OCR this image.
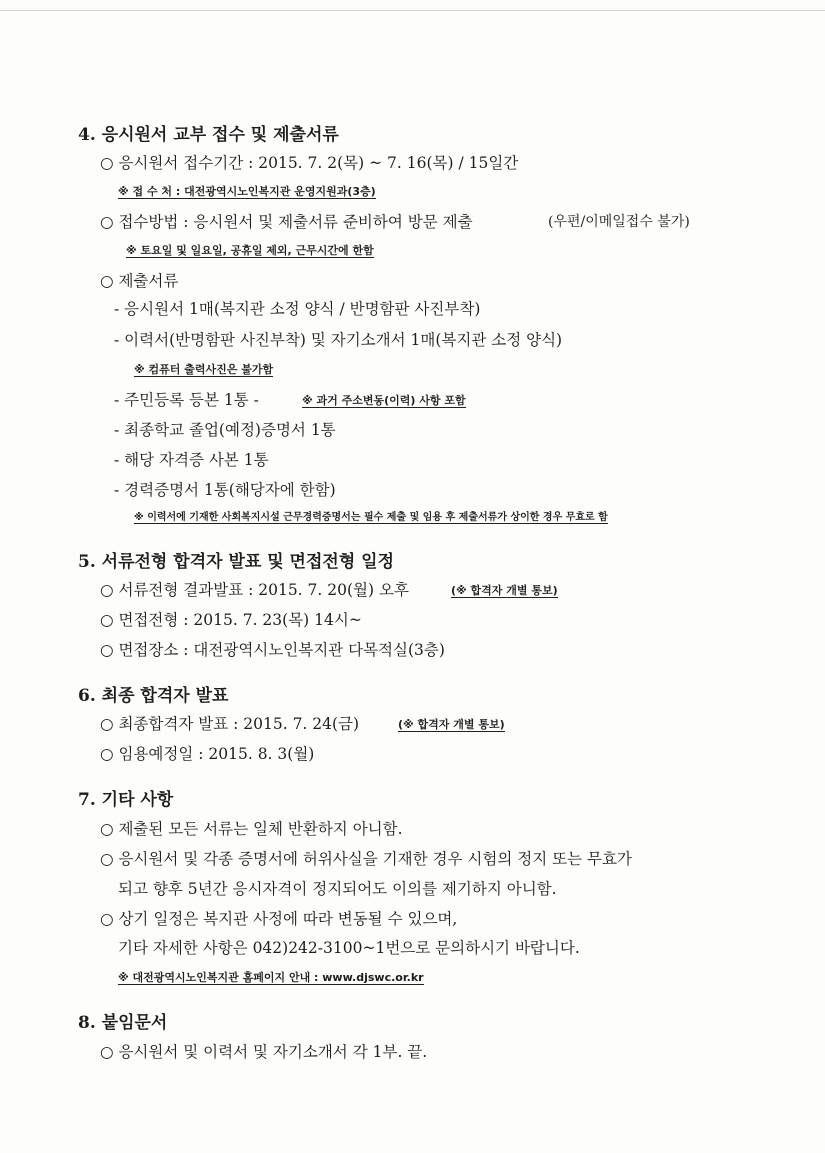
4. 응시원서 교부 접수 및 제출서류
○ 응시원서 접수기간 : 2015. 7. 2(목) ~ 7. 16(목) / 15일간
※ 접 수 처 : 대전광역시노인복지관 운영지원과(3층)
○ 접수방법 : 응시원서 및 제출서류 준비하여 방문 제출	(우편/이메일접수 불가)
※ 토요일 및 일요일, 공휴일 제외, 근무시간에 한함
○ 제출서류
- 응시원서 1매(복지관 소정 양식 / 반명함판 사진부착)
- 이력서(반명함판 사진부착) 및 자기소개서 1매(복지관 소정 양식)
※ 컴퓨터 출력사진은 불가함
- 주민등록 등본 1통 -	※ 과거 주소변동(이력) 사항 포함
- 최종학교 졸업(예정)증명서 1통
- 해당 자격증 사본 1통
- 경력증명서 1통(해당자에 한함)
※ 이력서에 기재한 사회복지시설 근무경력증명서는 필수 제출 및 임용 후 제출서류가 상이한 경우 무효로 함
5. 서류전형 합격자 발표 및 면접전형 일정
○ 서류전형 결과발표 : 2015. 7. 20(월) 오후	(※ 합격자 개별 통보)
○ 면접전형 : 2015. 7. 23(목) 14시~
○ 면접장소 : 대전광역시노인복지관 다목적실(3층)
6. 최종 합격자 발표
○ 최종합격자 발표 : 2015. 7. 24(금)	(※ 합격자 개별 통보)
○ 임용예정일 : 2015. 8. 3(월)
7. 기타 사항
○ 제출된 모든 서류는 일체 반환하지 아니함.
○ 응시원서 및 각종 증명서에 허위사실을 기재한 경우 시험의 정지 또는 무효가
되고 향후 5년간 응시자격이 정지되어도 이의를 제기하지 아니함.
○ 상기 일정은 복지관 사정에 따라 변동될 수 있으며,
기타 자세한 사항은 042)242-3100~1번으로 문의하시기 바랍니다.
※ 대전광역시노인복지관 홈페이지 안내 : www.djswc.or.kr
8. 붙임문서
○ 응시원서 및 이력서 및 자기소개서 각 1부. 끝.
